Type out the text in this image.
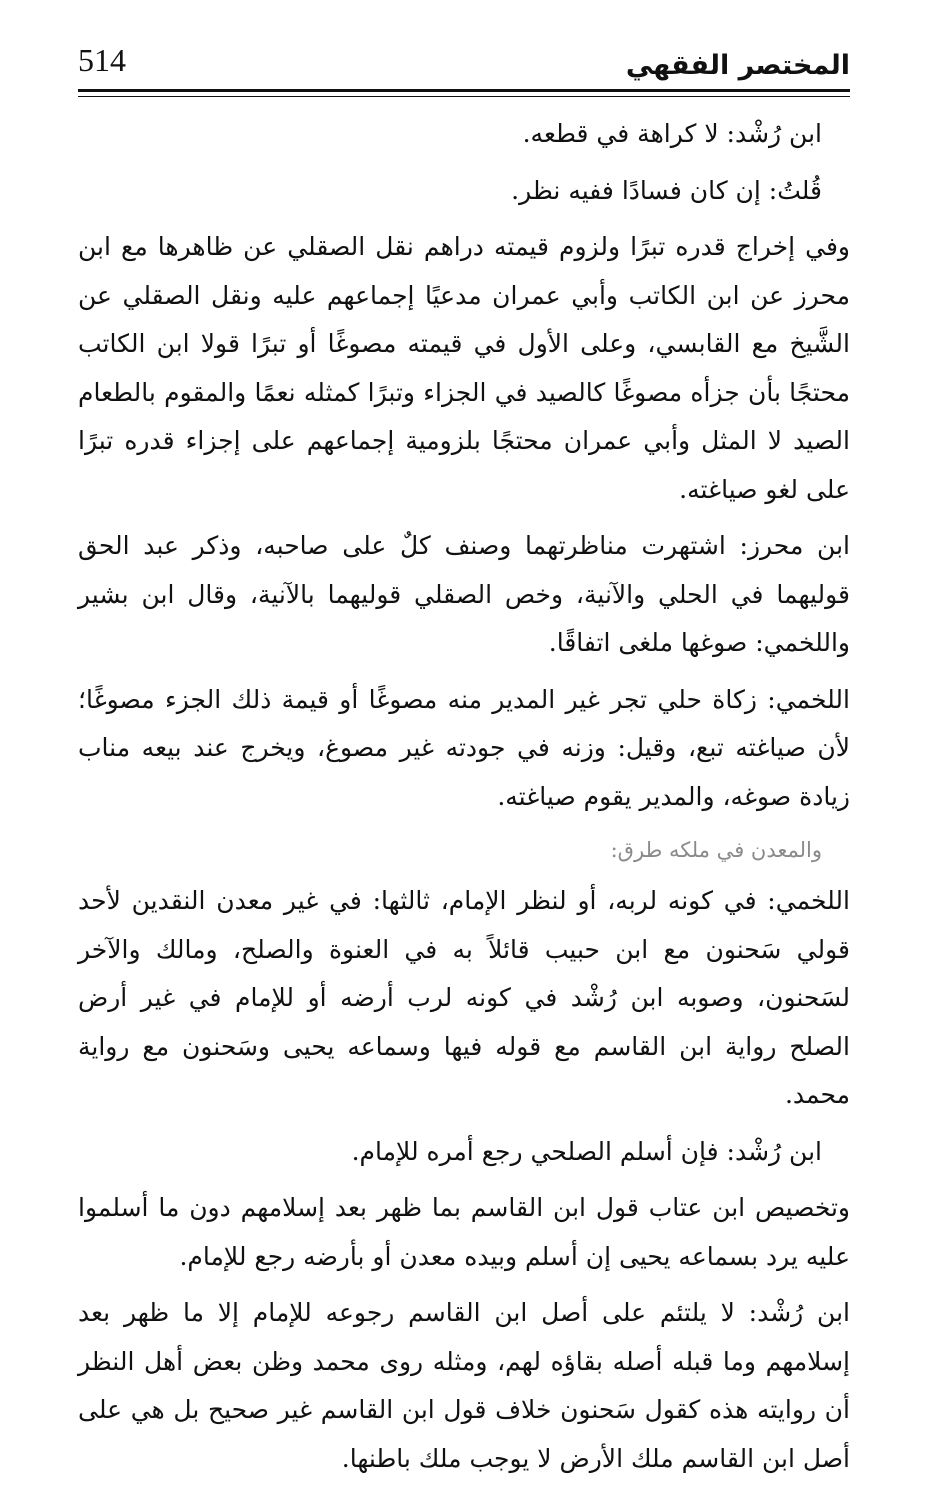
514	المختصر الفقهي

ابن رُشْد: لا كراهة في قطعه.

قُلتُ: إن كان فسادًا ففيه نظر.

وفي إخراج قدره تبرًا ولزوم قيمته دراهم نقل الصقلي عن ظاهرها مع ابن محرز عن ابن الكاتب وأبي عمران مدعيًا إجماعهم عليه ونقل الصقلي عن الشَّيخ مع القابسي، وعلى الأول في قيمته مصوغًا أو تبرًا قولا ابن الكاتب محتجًا بأن جزأه مصوغًا كالصيد في الجزاء وتبرًا كمثله نعمًا والمقوم بالطعام الصيد لا المثل وأبي عمران محتجًا بلزومية إجماعهم على إجزاء قدره تبرًا على لغو صياغته.

ابن محرز: اشتهرت مناظرتهما وصنف كلٌ على صاحبه، وذكر عبد الحق قوليهما في الحلي والآنية، وخص الصقلي قوليهما بالآنية، وقال ابن بشير واللخمي: صوغها ملغى اتفاقًا.

اللخمي: زكاة حلي تجر غير المدير منه مصوغًا أو قيمة ذلك الجزء مصوغًا؛ لأن صياغته تبع، وقيل: وزنه في جودته غير مصوغ، ويخرج عند بيعه مناب زيادة صوغه، والمدير يقوم صياغته.

والمعدن في ملكه طرق:

اللخمي: في كونه لربه، أو لنظر الإمام، ثالثها: في غير معدن النقدين لأحد قولي سَحنون مع ابن حبيب قائلاً به في العنوة والصلح، ومالك والآخر لسَحنون، وصوبه ابن رُشْد في كونه لرب أرضه أو للإمام في غير أرض الصلح رواية ابن القاسم مع قوله فيها وسماعه يحيى وسَحنون مع رواية محمد.

ابن رُشْد: فإن أسلم الصلحي رجع أمره للإمام.

وتخصيص ابن عتاب قول ابن القاسم بما ظهر بعد إسلامهم دون ما أسلموا عليه يرد بسماعه يحيى إن أسلم وبيده معدن أو بأرضه رجع للإمام.

ابن رُشْد: لا يلتئم على أصل ابن القاسم رجوعه للإمام إلا ما ظهر بعد إسلامهم وما قبله أصله بقاؤه لهم، ومثله روى محمد وظن بعض أهل النظر أن روايته هذه كقول سَحنون خلاف قول ابن القاسم غير صحيح بل هي على أصل ابن القاسم ملك الأرض لا يوجب ملك باطنها.
